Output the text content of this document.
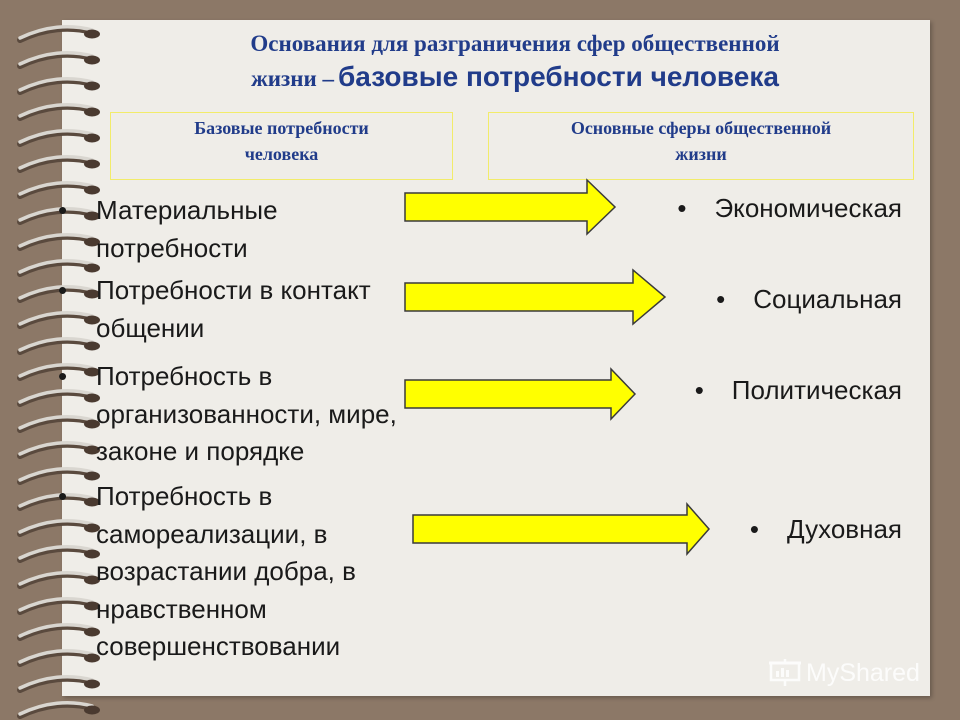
Основания для разграничения сфер общественной
жизни – базовые потребности человека
Базовые потребности
человека
Основные сферы общественной
жизни
• Материальные
потребности
• Потребности в контакт
общении
• Потребность в
организованности, мире,
законе и порядке
• Потребность в
самореализации, в
возрастании добра, в
нравственном
совершенствовании
• Экономическая
• Социальная
• Политическая
• Духовная
MyShared
